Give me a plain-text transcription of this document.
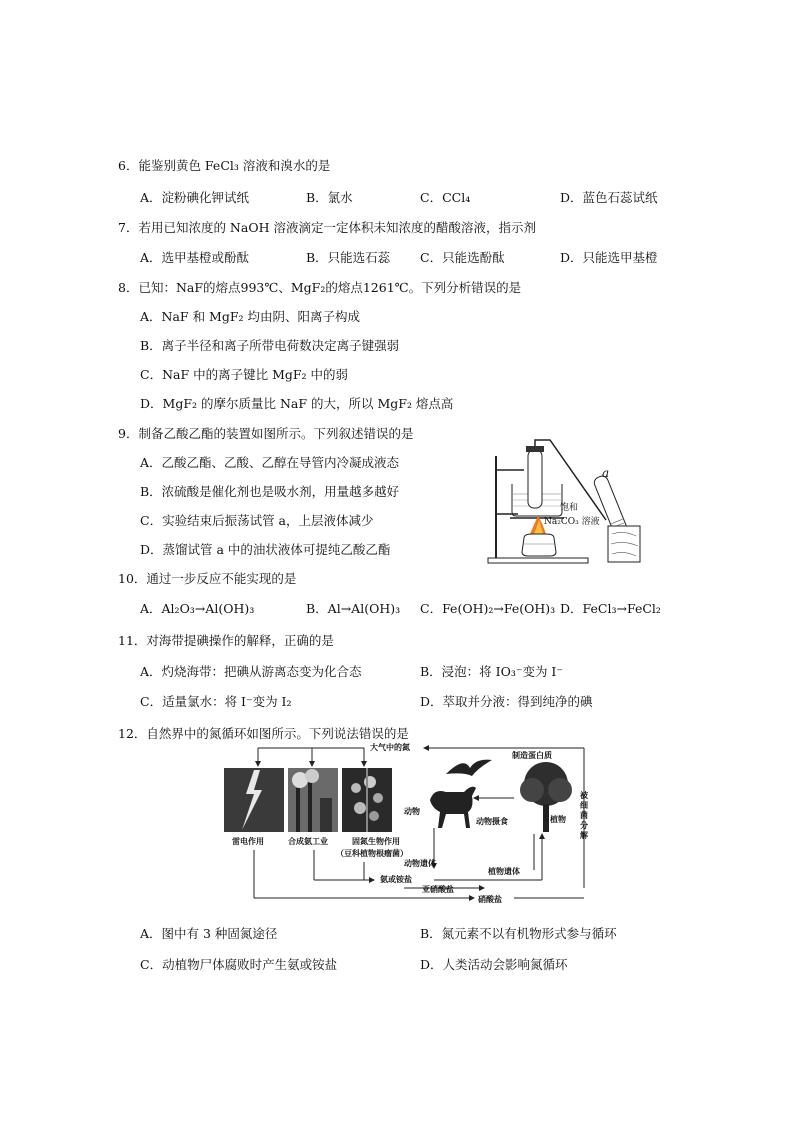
6．能鉴别黄色 FeCl₃ 溶液和溴水的是
A．淀粉碘化钾试纸	B．氯水	C．CCl₄	D．蓝色石蕊试纸
7．若用已知浓度的 NaOH 溶液滴定一定体积未知浓度的醋酸溶液，指示剂
A．选甲基橙或酚酞	B．只能选石蕊 C．只能选酚酞	D．只能选甲基橙
8．已知：NaF的熔点993℃、MgF₂的熔点1261℃。下列分析错误的是
A．NaF 和 MgF₂ 均由阴、阳离子构成
B．离子半径和离子所带电荷数决定离子键强弱
C．NaF 中的离子键比 MgF₂ 中的弱
D．MgF₂ 的摩尔质量比 NaF 的大，所以 MgF₂ 熔点高
9．制备乙酸乙酯的装置如图所示。下列叙述错误的是
A．乙酸乙酯、乙酸、乙醇在导管内冷凝成液态
B．浓硫酸是催化剂也是吸水剂，用量越多越好
C．实验结束后振荡试管 a，上层液体减少
D．蒸馏试管 a 中的油状液体可提纯乙酸乙酯
a
饱和
Na₂CO₃ 溶液
10．通过一步反应不能实现的是
A．Al₂O₃→Al(OH)₃	B．Al→Al(OH)₃ C．Fe(OH)₂→Fe(OH)₃ D．FeCl₃→FeCl₂
11．对海带提碘操作的解释，正确的是
A．灼烧海带：把碘从游离态变为化合态	B．浸泡：将 IO₃⁻变为 I⁻
C．适量氯水：将 I⁻变为 I₂	D．萃取并分液：得到纯净的碘
12．自然界中的氮循环如图所示。下列说法错误的是
大气中的氮
制造蛋白质
雷电作用	合成氨工业	固氮生物作用
（豆科植物根瘤菌）
动物
动物摄食	植物
被细菌分解
动物遗体
植物遗体
氨或铵盐
亚硝酸盐
硝酸盐
A．图中有 3 种固氮途径	B．氮元素不以有机物形式参与循环
C．动植物尸体腐败时产生氨或铵盐	D．人类活动会影响氮循环
